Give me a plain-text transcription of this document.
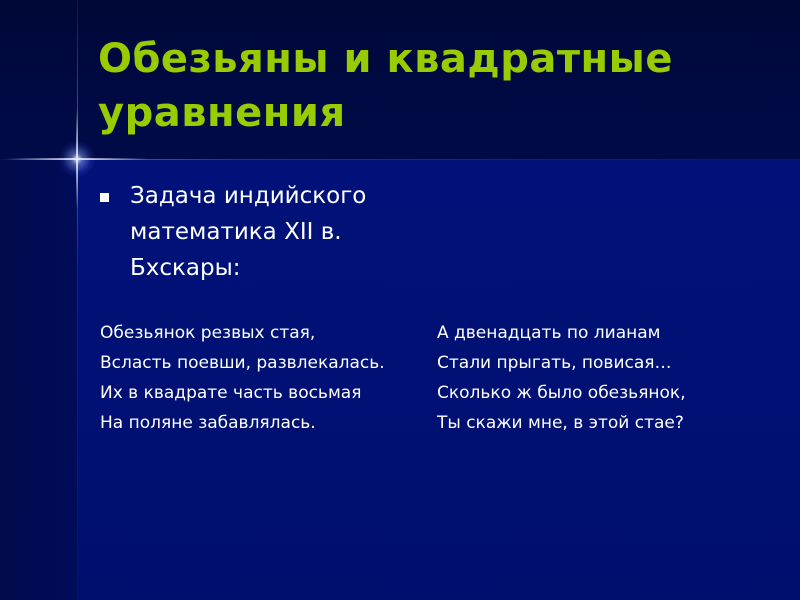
Обезьяны и квадратные уравнения
Задача индийского математика XII в. Бхскары:
Обезьянок резвых стая,
Всласть поевши, развлекалась.
Их в квадрате часть восьмая
На поляне забавлялась.
А двенадцать по лианам
Стали прыгать, повисая…
Сколько ж было обезьянок,
Ты скажи мне, в этой стае?
